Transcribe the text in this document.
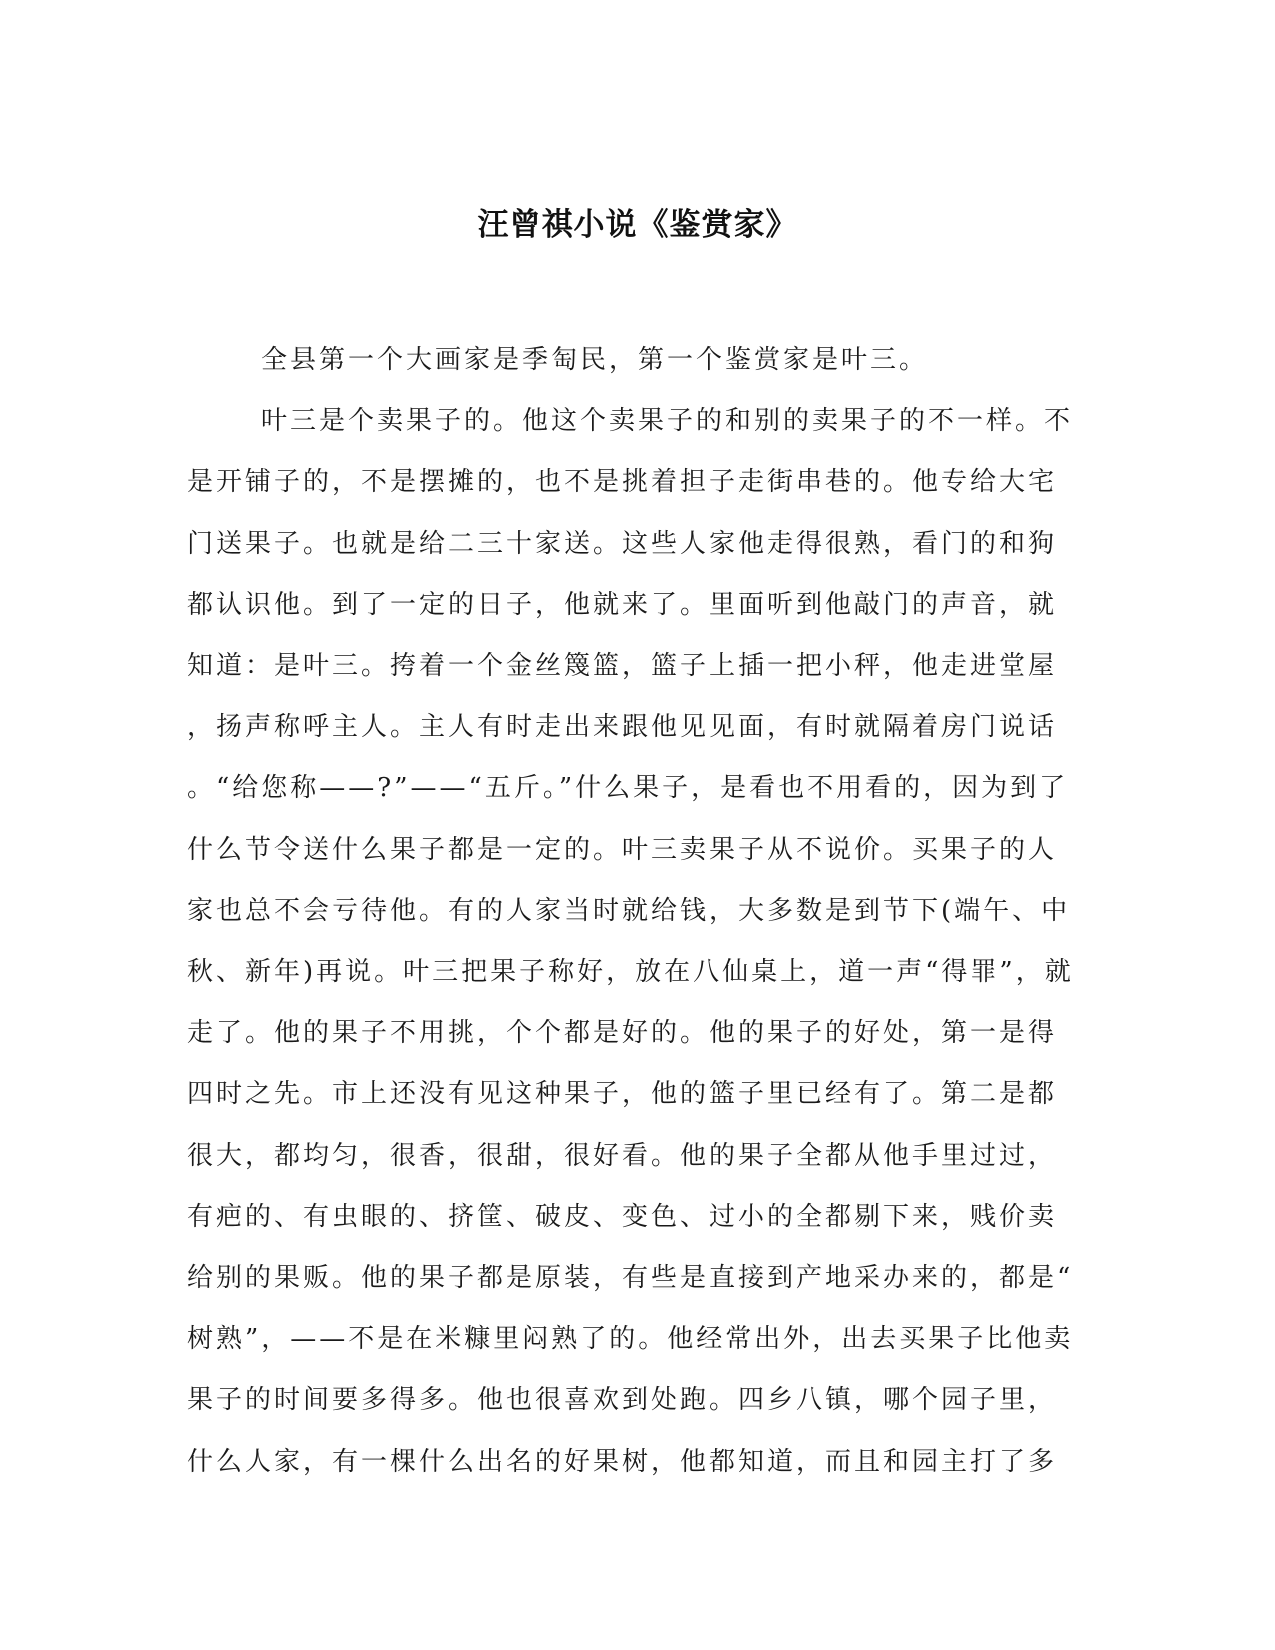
汪曾祺小说《鉴赏家》
全县第一个大画家是季匋民，第一个鉴赏家是叶三。
叶三是个卖果子的。他这个卖果子的和别的卖果子的不一样。不
是开铺子的，不是摆摊的，也不是挑着担子走街串巷的。他专给大宅
门送果子。也就是给二三十家送。这些人家他走得很熟，看门的和狗
都认识他。到了一定的日子，他就来了。里面听到他敲门的声音，就
知道：是叶三。挎着一个金丝篾篮，篮子上插一把小秤，他走进堂屋
，扬声称呼主人。主人有时走出来跟他见见面，有时就隔着房门说话
。“给您称——?”——“五斤。”什么果子，是看也不用看的，因为到了
什么节令送什么果子都是一定的。叶三卖果子从不说价。买果子的人
家也总不会亏待他。有的人家当时就给钱，大多数是到节下(端午、中
秋、新年)再说。叶三把果子称好，放在八仙桌上，道一声“得罪”，就
走了。他的果子不用挑，个个都是好的。他的果子的好处，第一是得
四时之先。市上还没有见这种果子，他的篮子里已经有了。第二是都
很大，都均匀，很香，很甜，很好看。他的果子全都从他手里过过，
有疤的、有虫眼的、挤筐、破皮、变色、过小的全都剔下来，贱价卖
给别的果贩。他的果子都是原装，有些是直接到产地采办来的，都是“
树熟”，——不是在米糠里闷熟了的。他经常出外，出去买果子比他卖
果子的时间要多得多。他也很喜欢到处跑。四乡八镇，哪个园子里，
什么人家，有一棵什么出名的好果树，他都知道，而且和园主打了多
